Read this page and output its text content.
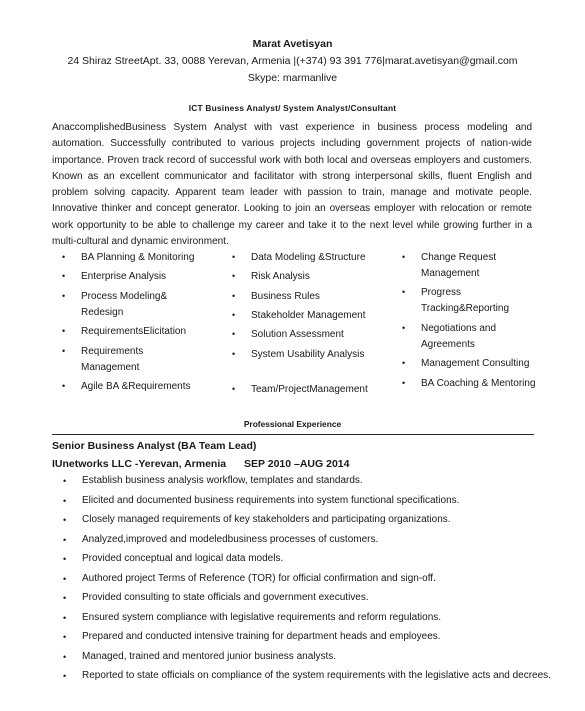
Marat Avetisyan
24 Shiraz StreetApt. 33, 0088 Yerevan, Armenia |(+374) 93 391 776|marat.avetisyan@gmail.com
Skype: marmanlive
ICT Business Analyst/ System Analyst/Consultant
AnaccomplishedBusiness System Analyst with vast experience in business process modeling and automation. Successfully contributed to various projects including government projects of nation-wide importance. Proven track record of successful work with both local and overseas employers and customers. Known as an excellent communicator and facilitator with strong interpersonal skills, fluent English and problem solving capacity. Apparent team leader with passion to train, manage and motivate people. Innovative thinker and concept generator. Looking to join an overseas employer with relocation or remote work opportunity to be able to challenge my career and take it to the next level while growing further in a multi-cultural and dynamic environment.
• BA Planning & Monitoring
• Enterprise Analysis
• Process Modeling&
Redesign
• RequirementsElicitation
• Requirements
Management
• Agile BA &Requirements
• Data Modeling &Structure
• Risk Analysis
• Business Rules
• Stakeholder Management
• Solution Assessment
• System Usability Analysis
• Team/ProjectManagement
• Change Request
Management
• Progress
Tracking&Reporting
• Negotiations and
Agreements
• Management Consulting
• BA Coaching & Mentoring
Professional Experience
Senior Business Analyst (BA Team Lead)
IUnetworks LLC -Yerevan, Armenia SEP 2010 –AUG 2014
• Establish business analysis workflow, templates and standards.
• Elicited and documented business requirements into system functional specifications.
• Closely managed requirements of key stakeholders and participating organizations.
• Analyzed,improved and modeledbusiness processes of customers.
• Provided conceptual and logical data models.
• Authored project Terms of Reference (TOR) for official confirmation and sign-off.
• Provided consulting to state officials and government executives.
• Ensured system compliance with legislative requirements and reform regulations.
• Prepared and conducted intensive training for department heads and employees.
• Managed, trained and mentored junior business analysts.
• Reported to state officials on compliance of the system requirements with the legislative acts and decrees.
